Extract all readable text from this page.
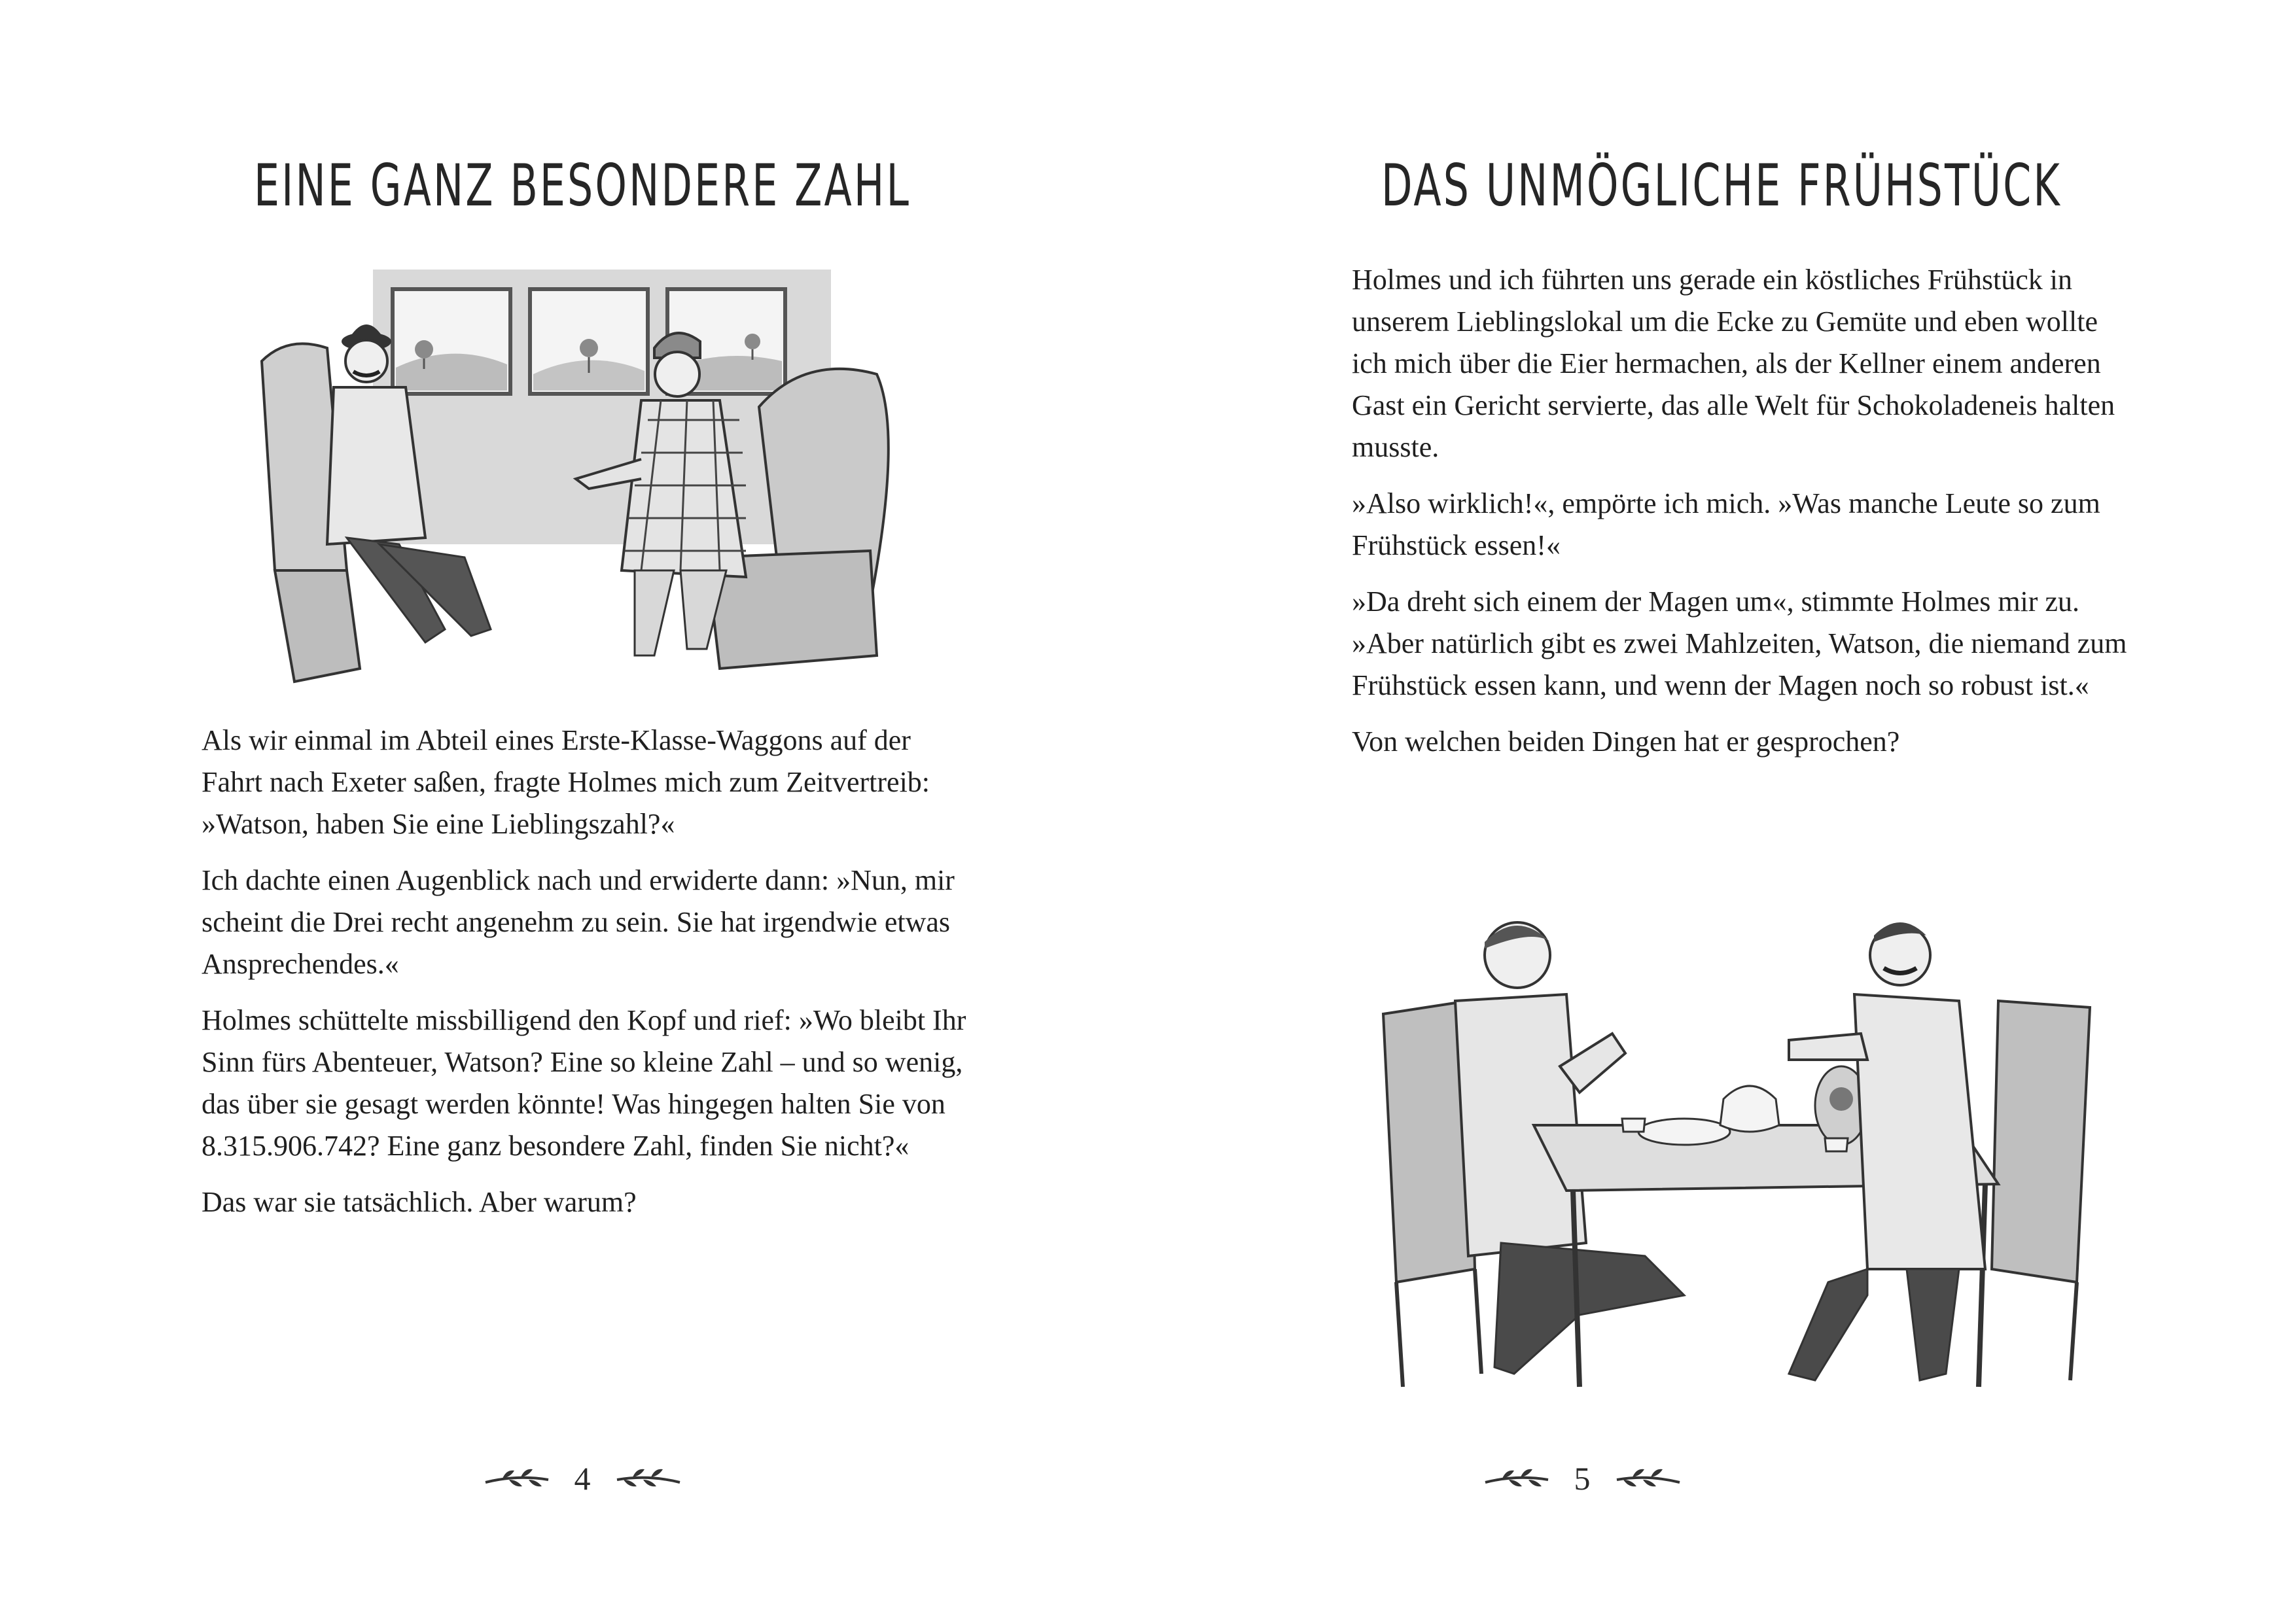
EINE GANZ BESONDERE ZAHL

Als wir einmal im Abteil eines Erste-Klasse-Waggons auf der Fahrt nach Exeter saßen, fragte Holmes mich zum Zeitvertreib: »Watson, haben Sie eine Lieblingszahl?«

Ich dachte einen Augenblick nach und erwiderte dann: »Nun, mir scheint die Drei recht angenehm zu sein. Sie hat irgendwie etwas Ansprechendes.«

Holmes schüttelte missbilligend den Kopf und rief: »Wo bleibt Ihr Sinn fürs Abenteuer, Watson? Eine so kleine Zahl – und so wenig, das über sie gesagt werden könnte! Was hingegen halten Sie von 8.315.906.742? Eine ganz besondere Zahl, finden Sie nicht?«

Das war sie tatsächlich. Aber warum?

4
DAS UNMÖGLICHE FRÜHSTÜCK

Holmes und ich führten uns gerade ein köstliches Frühstück in unserem Lieblingslokal um die Ecke zu Gemüte und eben wollte ich mich über die Eier hermachen, als der Kellner einem anderen Gast ein Gericht servierte, das alle Welt für Schokoladeneis halten musste.

»Also wirklich!«, empörte ich mich. »Was manche Leute so zum Frühstück essen!«

»Da dreht sich einem der Magen um«, stimmte Holmes mir zu. »Aber natürlich gibt es zwei Mahlzeiten, Watson, die niemand zum Frühstück essen kann, und wenn der Magen noch so robust ist.«

Von welchen beiden Dingen hat er gesprochen?

5
